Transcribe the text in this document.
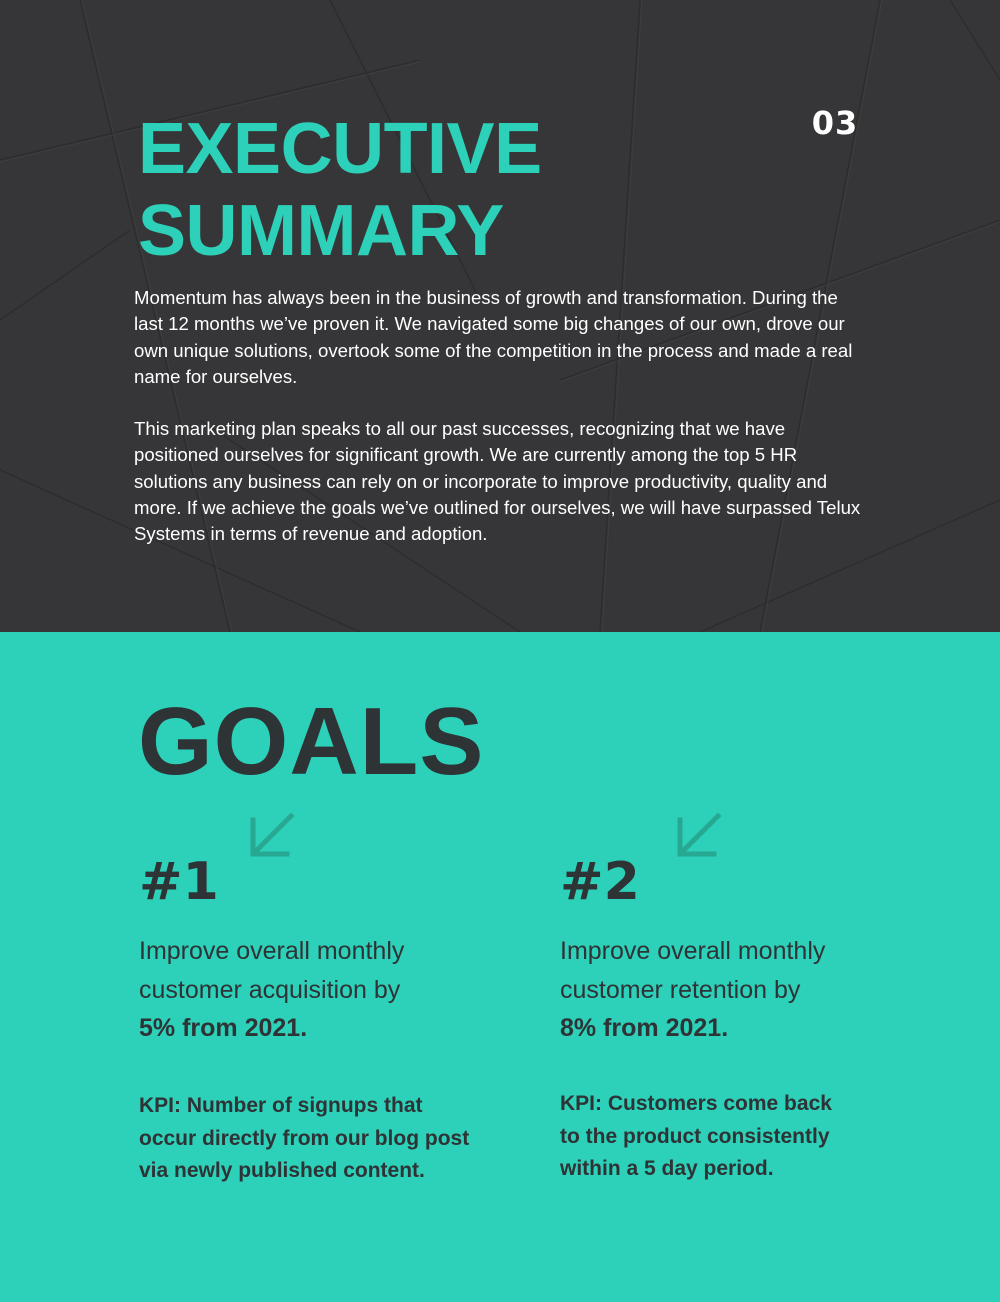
03
EXECUTIVE
SUMMARY

Momentum has always been in the business of growth and transformation. During the last 12 months we’ve proven it. We navigated some big changes of our own, drove our own unique solutions, overtook some of the competition in the process and made a real name for ourselves.

This marketing plan speaks to all our past successes, recognizing that we have positioned ourselves for significant growth. We are currently among the top 5 HR solutions any business can rely on or incorporate to improve productivity, quality and more. If we achieve the goals we’ve outlined for ourselves, we will have surpassed Telux Systems in terms of revenue and adoption.

GOALS
#1
Improve overall monthly
customer acquisition by
5% from 2021.
KPI: Number of signups that
occur directly from our blog post
via newly published content.
#2
Improve overall monthly
customer retention by
8% from 2021.
KPI: Customers come back
to the product consistently
within a 5 day period.
